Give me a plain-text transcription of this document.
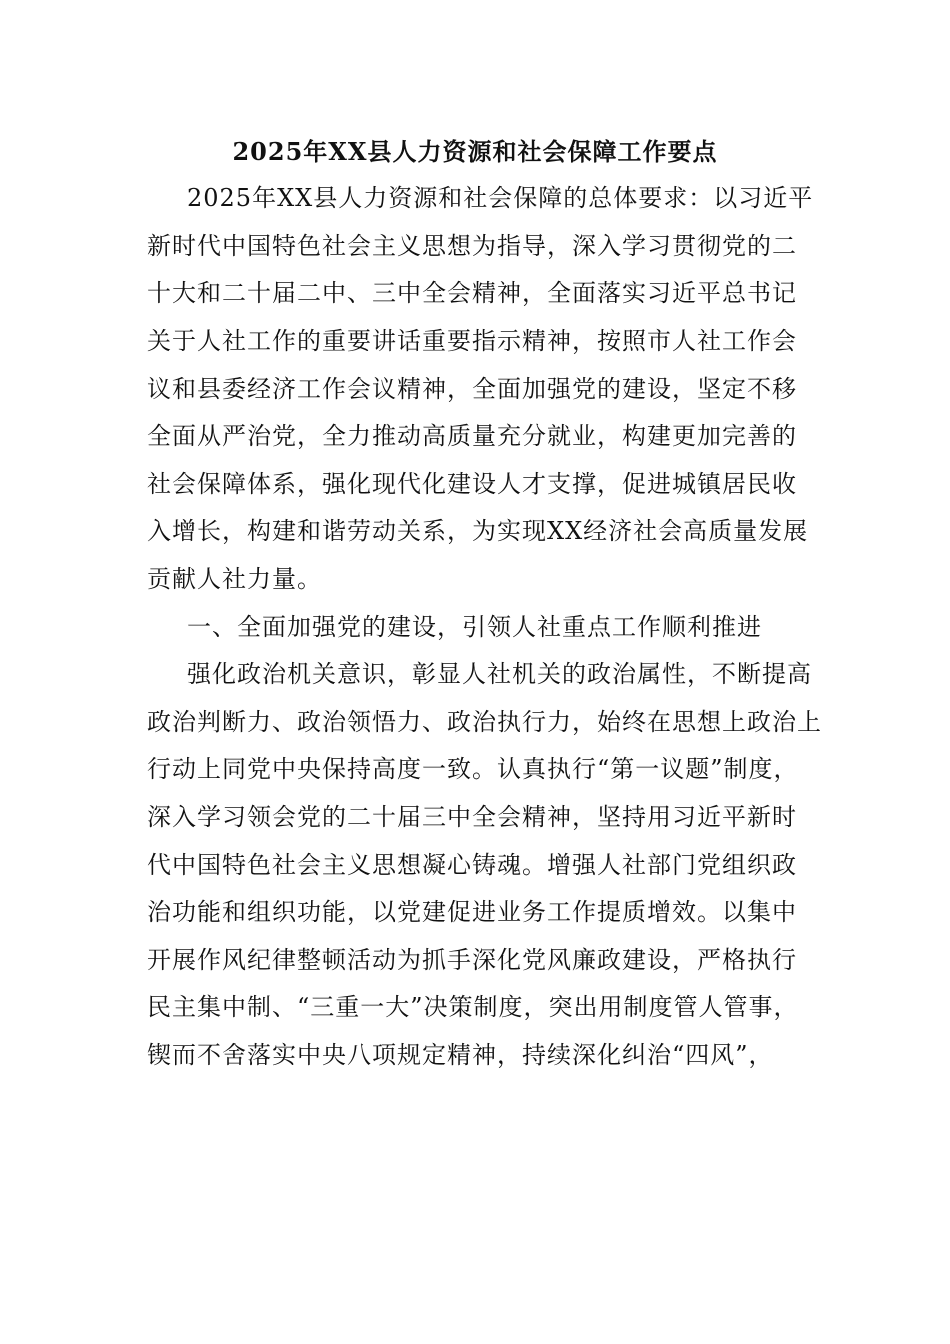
2025年XX县人力资源和社会保障工作要点
2025年XX县人力资源和社会保障的总体要求：以习近平
新时代中国特色社会主义思想为指导，深入学习贯彻党的二
十大和二十届二中、三中全会精神，全面落实习近平总书记
关于人社工作的重要讲话重要指示精神，按照市人社工作会
议和县委经济工作会议精神，全面加强党的建设，坚定不移
全面从严治党，全力推动高质量充分就业，构建更加完善的
社会保障体系，强化现代化建设人才支撑，促进城镇居民收
入增长，构建和谐劳动关系，为实现XX经济社会高质量发展
贡献人社力量。
一、全面加强党的建设，引领人社重点工作顺利推进
强化政治机关意识，彰显人社机关的政治属性，不断提高
政治判断力、政治领悟力、政治执行力，始终在思想上政治上
行动上同党中央保持高度一致。认真执行“第一议题”制度，
深入学习领会党的二十届三中全会精神，坚持用习近平新时
代中国特色社会主义思想凝心铸魂。增强人社部门党组织政
治功能和组织功能，以党建促进业务工作提质增效。以集中
开展作风纪律整顿活动为抓手深化党风廉政建设，严格执行
民主集中制、“三重一大”决策制度，突出用制度管人管事，
锲而不舍落实中央八项规定精神，持续深化纠治“四风”，
